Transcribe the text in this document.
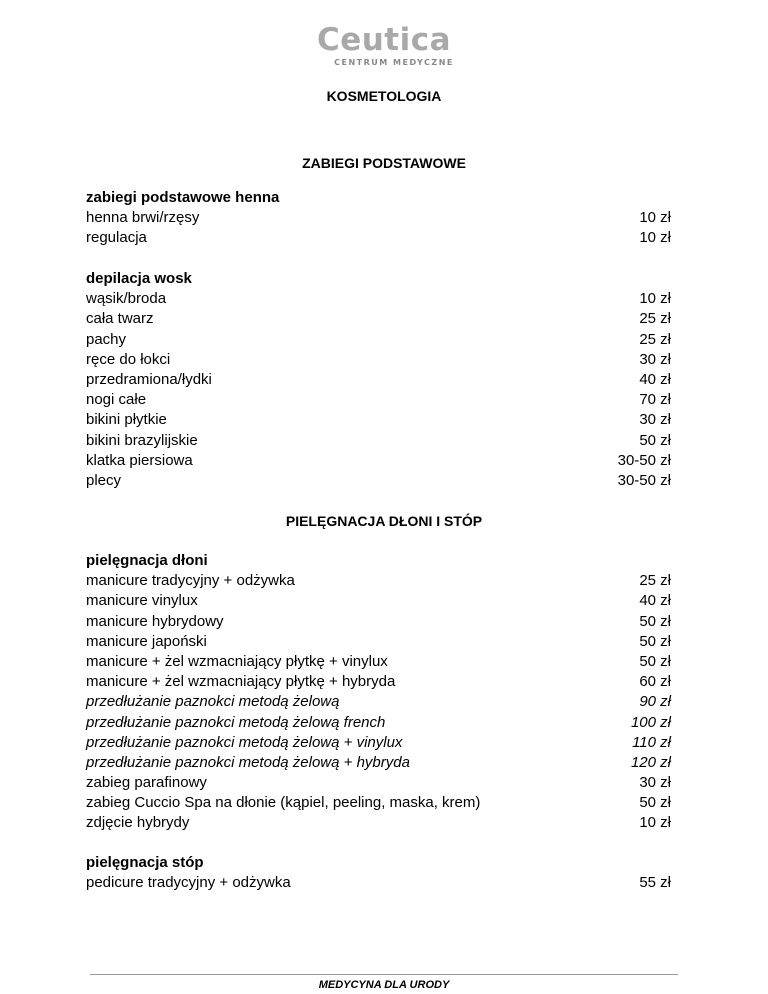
Ceutica
CENTRUM MEDYCZNE
KOSMETOLOGIA
ZABIEGI PODSTAWOWE
zabiegi podstawowe henna
henna brwi/rzęsy	10 zł
regulacja	10 zł
depilacja wosk
wąsik/broda	10 zł
cała twarz	25 zł
pachy	25 zł
ręce do łokci	30 zł
przedramiona/łydki	40 zł
nogi całe	70 zł
bikini płytkie	30 zł
bikini brazylijskie	50 zł
klatka piersiowa	30-50 zł
plecy	30-50 zł
PIELĘGNACJA DŁONI I STÓP
pielęgnacja dłoni
manicure tradycyjny + odżywka	25 zł
manicure vinylux	40 zł
manicure hybrydowy	50 zł
manicure japoński	50 zł
manicure + żel wzmacniający płytkę + vinylux	50 zł
manicure + żel wzmacniający płytkę + hybryda	60 zł
przedłużanie paznokci metodą żelową	90 zł
przedłużanie paznokci metodą żelową french	100 zł
przedłużanie paznokci metodą żelową + vinylux	110 zł
przedłużanie paznokci metodą żelową + hybryda	120 zł
zabieg parafinowy	30 zł
zabieg Cuccio Spa na dłonie (kąpiel, peeling, maska, krem)	50 zł
zdjęcie hybrydy	10 zł
pielęgnacja stóp
pedicure tradycyjny + odżywka	55 zł
MEDYCYNA DLA URODY
